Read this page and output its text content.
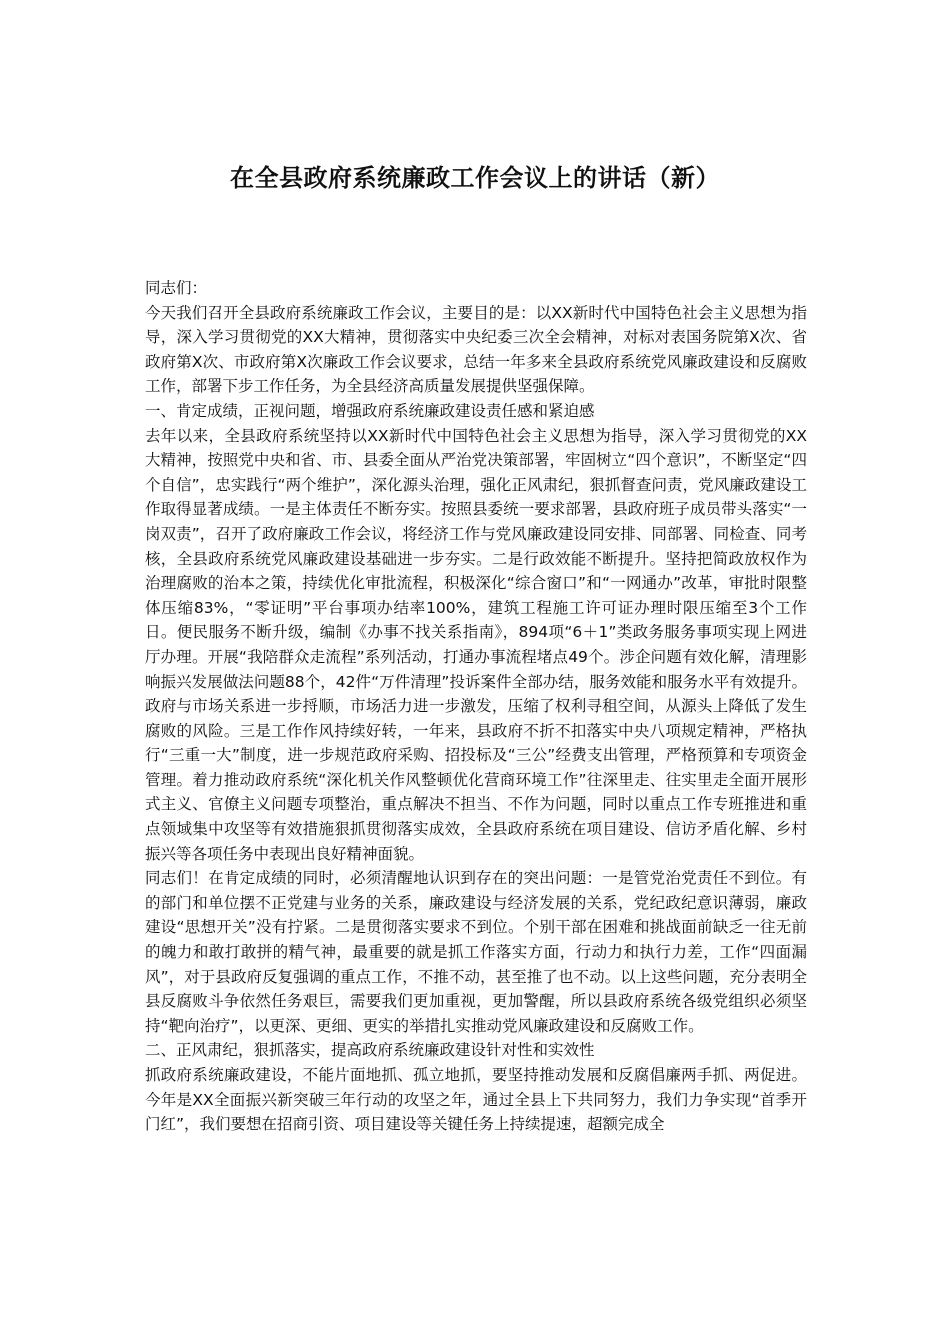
在全县政府系统廉政工作会议上的讲话（新）

同志们：

今天我们召开全县政府系统廉政工作会议，主要目的是：以XX新时代中国特色社会主义思想为指导，深入学习贯彻党的XX大精神，贯彻落实中央纪委三次全会精神，对标对表国务院第X次、省政府第X次、市政府第X次廉政工作会议要求，总结一年多来全县政府系统党风廉政建设和反腐败工作，部署下步工作任务，为全县经济高质量发展提供坚强保障。

一、肯定成绩，正视问题，增强政府系统廉政建设责任感和紧迫感

去年以来，全县政府系统坚持以XX新时代中国特色社会主义思想为指导，深入学习贯彻党的XX大精神，按照党中央和省、市、县委全面从严治党决策部署，牢固树立“四个意识”，不断坚定“四个自信”，忠实践行“两个维护”，深化源头治理，强化正风肃纪，狠抓督查问责，党风廉政建设工作取得显著成绩。一是主体责任不断夯实。按照县委统一要求部署，县政府班子成员带头落实“一岗双责”，召开了政府廉政工作会议，将经济工作与党风廉政建设同安排、同部署、同检查、同考核，全县政府系统党风廉政建设基础进一步夯实。二是行政效能不断提升。坚持把简政放权作为治理腐败的治本之策，持续优化审批流程，积极深化“综合窗口”和“一网通办”改革，审批时限整体压缩83%，“零证明”平台事项办结率100%，建筑工程施工许可证办理时限压缩至3个工作日。便民服务不断升级，编制《办事不找关系指南》，894项“6＋1”类政务服务事项实现上网进厅办理。开展“我陪群众走流程”系列活动，打通办事流程堵点49个。涉企问题有效化解，清理影响振兴发展做法问题88个，42件“万件清理”投诉案件全部办结，服务效能和服务水平有效提升。政府与市场关系进一步捋顺，市场活力进一步激发，压缩了权利寻租空间，从源头上降低了发生腐败的风险。三是工作作风持续好转，一年来，县政府不折不扣落实中央八项规定精神，严格执行“三重一大”制度，进一步规范政府采购、招投标及“三公”经费支出管理，严格预算和专项资金管理。着力推动政府系统“深化机关作风整顿优化营商环境工作”往深里走、往实里走全面开展形式主义、官僚主义问题专项整治，重点解决不担当、不作为问题，同时以重点工作专班推进和重点领域集中攻坚等有效措施狠抓贯彻落实成效，全县政府系统在项目建设、信访矛盾化解、乡村振兴等各项任务中表现出良好精神面貌。

同志们！在肯定成绩的同时，必须清醒地认识到存在的突出问题：一是管党治党责任不到位。有的部门和单位摆不正党建与业务的关系，廉政建设与经济发展的关系，党纪政纪意识薄弱，廉政建设“思想开关”没有拧紧。二是贯彻落实要求不到位。个别干部在困难和挑战面前缺乏一往无前的魄力和敢打敢拼的精气神，最重要的就是抓工作落实方面，行动力和执行力差，工作“四面漏风”，对于县政府反复强调的重点工作，不推不动，甚至推了也不动。以上这些问题，充分表明全县反腐败斗争依然任务艰巨，需要我们更加重视，更加警醒，所以县政府系统各级党组织必须坚持“靶向治疗”，以更深、更细、更实的举措扎实推动党风廉政建设和反腐败工作。

二、正风肃纪，狠抓落实，提高政府系统廉政建设针对性和实效性

抓政府系统廉政建设，不能片面地抓、孤立地抓，要坚持推动发展和反腐倡廉两手抓、两促进。今年是XX全面振兴新突破三年行动的攻坚之年，通过全县上下共同努力，我们力争实现“首季开门红”，我们要想在招商引资、项目建设等关键任务上持续提速，超额完成全
